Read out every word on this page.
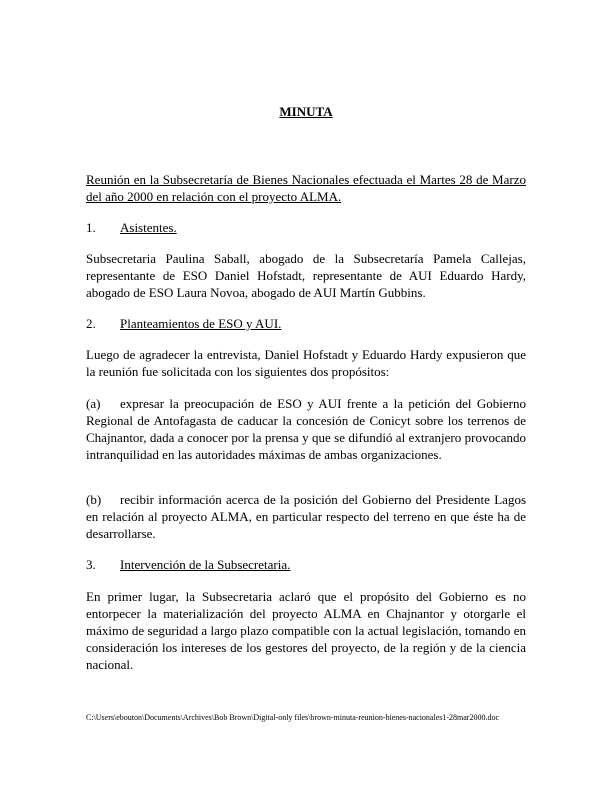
MINUTA
Reunión en la Subsecretaría de Bienes Nacionales efectuada el Martes 28 de Marzo del año 2000 en relación con el proyecto ALMA.
1. Asistentes.
Subsecretaria Paulina Saball, abogado de la Subsecretaría Pamela Callejas, representante de ESO Daniel Hofstadt, representante de AUI Eduardo Hardy, abogado de ESO Laura Novoa, abogado de AUI Martín Gubbins.
2. Planteamientos de ESO y AUI.
Luego de agradecer la entrevista, Daniel Hofstadt y Eduardo Hardy expusieron que la reunión fue solicitada con los siguientes dos propósitos:
(a) expresar la preocupación de ESO y AUI frente a la petición del Gobierno Regional de Antofagasta de caducar la concesión de Conicyt sobre los terrenos de Chajnantor, dada a conocer por la prensa y que se difundió al extranjero provocando intranquilidad en las autoridades máximas de ambas organizaciones.
(b) recibir información acerca de la posición del Gobierno del Presidente Lagos en relación al proyecto ALMA, en particular respecto del terreno en que éste ha de desarrollarse.
3. Intervención de la Subsecretaria.
En primer lugar, la Subsecretaria aclaró que el propósito del Gobierno es no entorpecer la materialización del proyecto ALMA en Chajnantor y otorgarle el máximo de seguridad a largo plazo compatible con la actual legislación, tomando en consideración los intereses de los gestores del proyecto, de la región y de la ciencia nacional.
C:\Users\ebouton\Documents\Archives\Bob Brown\Digital-only files\brown-minuta-reunion-bienes-nacionales1-28mar2000.doc
